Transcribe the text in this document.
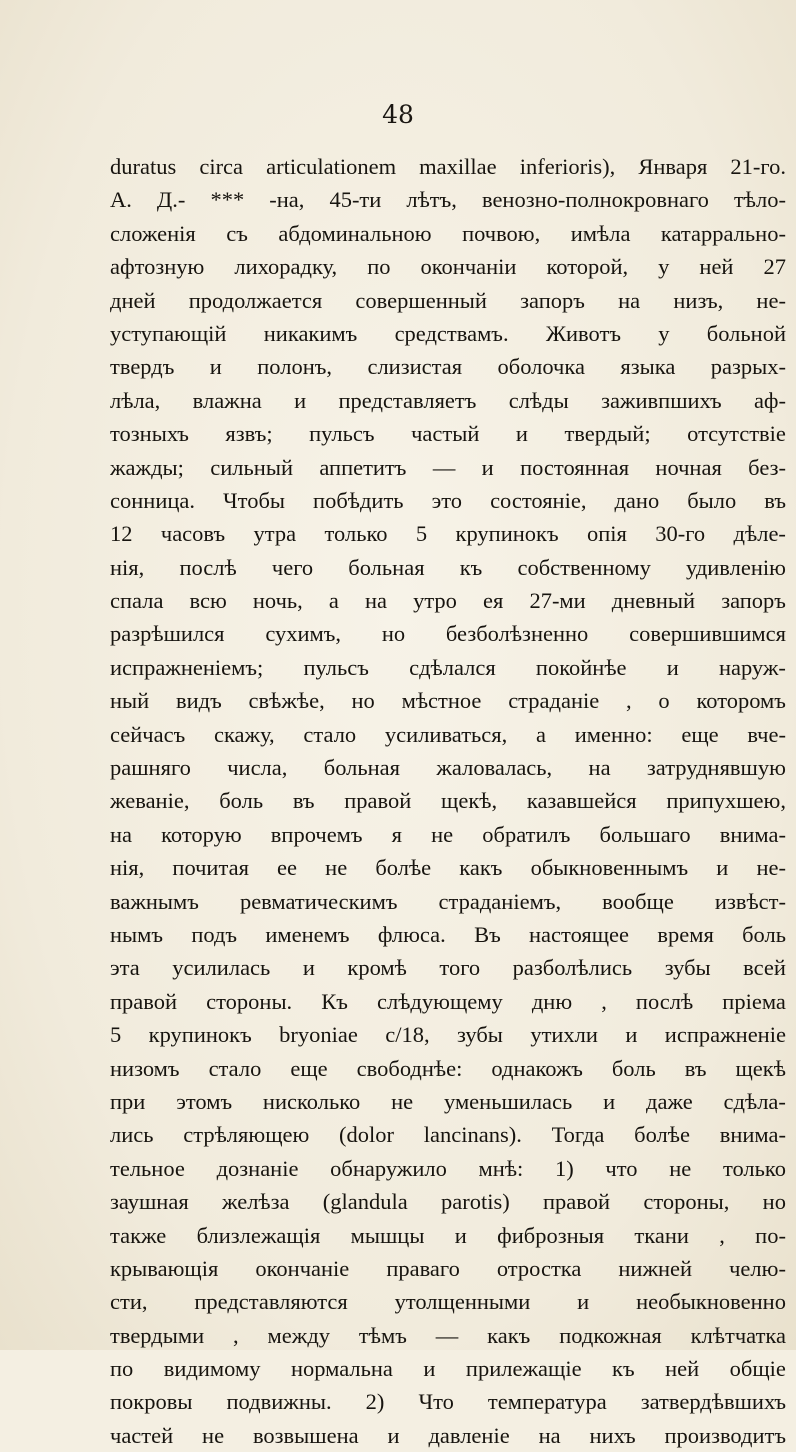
48
duratus circa articulationem maxillae inferioris), Января 21-го.
А. Д.- *** -на, 45-ти лѣтъ, венозно-полнокровнаго тѣло-
сложенія съ абдоминальною почвою, имѣла катаррально-
афтозную лихорадку, по окончаніи которой, у ней 27
дней продолжается совершенный запоръ на низъ, не-
уступающій никакимъ средствамъ. Животъ у больной
твердъ и полонъ, слизистая оболочка языка разрых-
лѣла, влажна и представляетъ слѣды заживпшихъ аф-
тозныхъ язвъ; пульсъ частый и твердый; отсутствіе
жажды; сильный аппетитъ — и постоянная ночная без-
сонница. Чтобы побѣдить это состояніе, дано было въ
12 часовъ утра только 5 крупинокъ опія 30-го дѣле-
нія, послѣ чего больная къ собственному удивленію
спала всю ночь, а на утро ея 27-ми дневный запоръ
разрѣшился сухимъ, но безболѣзненно совершившимся
испражненіемъ; пульсъ сдѣлался покойнѣе и наруж-
ный видъ свѣжѣе, но мѣстное страданіе , о которомъ
сейчасъ скажу, стало усиливаться, а именно: еще вче-
рашняго числа, больная жаловалась, на затруднявшую
жеваніе, боль въ правой щекѣ, казавшейся припухшею,
на которую впрочемъ я не обратилъ большаго внима-
нія, почитая ее не болѣе какъ обыкновеннымъ и не-
важнымъ ревматическимъ страданіемъ, вообще извѣст-
нымъ подъ именемъ флюса. Въ настоящее время боль
эта усилилась и кромѣ того разболѣлись зубы всей
правой стороны. Къ слѣдующему дню , послѣ пріема
5 крупинокъ bryoniae c/18, зубы утихли и испражненіе
низомъ стало еще свободнѣе: однакожъ боль въ щекѣ
при этомъ нисколько не уменьшилась и даже сдѣла-
лись стрѣляющею (dolor lancinans). Тогда болѣе внима-
тельное дознаніе обнаружило мнѣ: 1) что не только
заушная желѣза (glandula parotis) правой стороны, но
также близлежащія мышцы и фиброзныя ткани , по-
крывающія окончаніе праваго отростка нижней челю-
сти, представляются утолщенными и необыкновенно
твердыми , между тѣмъ — какъ подкожная клѣтчатка
по видимому нормальна и прилежащіе къ ней общіе
покровы подвижны. 2) Что температура затвердѣвшихъ
частей не возвышена и давленіе на нихъ производитъ
